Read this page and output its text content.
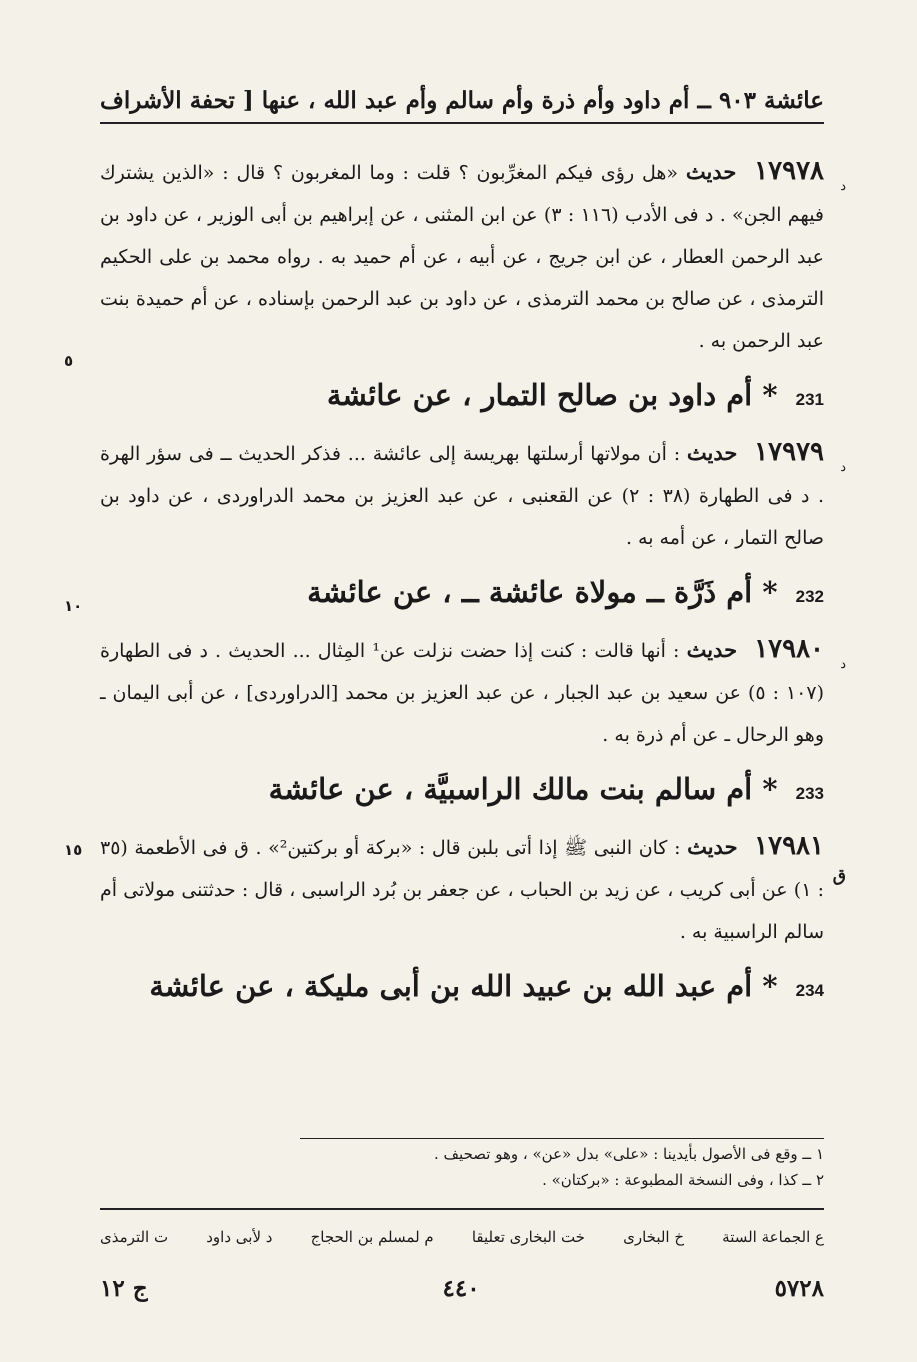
عائشة ٩٠٣ ــ أم داود وأم ذرة وأم سالم وأم عبد الله ، عنها
[ تحفة الأشراف

د
٥
١٧٩٧٨ حديث «هل رؤى فيكم المغرِّبون ؟ قلت : وما المغربون ؟ قال : «الذين يشترك فيهم الجن» . د فى الأدب (١١٦ : ٣) عن ابن المثنى ، عن إبراهيم بن أبى الوزير ، عن داود بن عبد الرحمن العطار ، عن ابن جريج ، عن أبيه ، عن أم حميد به . رواه محمد بن على الحكيم الترمذى ، عن صالح بن محمد الترمذى ، عن داود بن عبد الرحمن بإسناده ، عن أم حميدة بنت عبد الرحمن به .

231 * أم داود بن صالح التمار ، عن عائشة

د
١٧٩٧٩ حديث : أن مولاتها أرسلتها بهريسة إلى عائشة ... فذكر الحديث ــ فى سؤر الهرة . د فى الطهارة (٣٨ : ٢) عن القعنبى ، عن عبد العزيز بن محمد الدراوردى ، عن داود بن صالح التمار ، عن أمه به .

١٠	232 * أم ذَرَّة ــ مولاة عائشة ــ ، عن عائشة

د
١٧٩٨٠ حديث : أنها قالت : كنت إذا حضت نزلت عن¹ المِثال ... الحديث . د فى الطهارة (١٠٧ : ٥) عن سعيد بن عبد الجبار ، عن عبد العزيز بن محمد [الدراوردى] ، عن أبى اليمان ـ وهو الرحال ـ عن أم ذرة به .

233 * أم سالم بنت مالك الراسبيَّة ، عن عائشة

ق
١٥	١٧٩٨١ حديث : كان النبى ﷺ إذا أتى بلبن قال : «بركة أو بركتين²» . ق فى الأطعمة (٣٥ : ١) عن أبى كريب ، عن زيد بن الحباب ، عن جعفر بن بُرد الراسبى ، قال : حدثتنى مولاتى أم سالم الراسبية به .

234 * أم عبد الله بن عبيد الله بن أبى مليكة ، عن عائشة

١ ــ وقع فى الأصول بأيدينا : «على» بدل «عن» ، وهو تصحيف .

٢ ــ كذا ، وفى النسخة المطبوعة : «بركتان» .

ع الجماعة الستة
خ البخارى
خت البخارى تعليقا
م لمسلم بن الحجاج
د لأبى داود
ت الترمذى
٥٧٢٨
٤٤٠
ج ١٢
